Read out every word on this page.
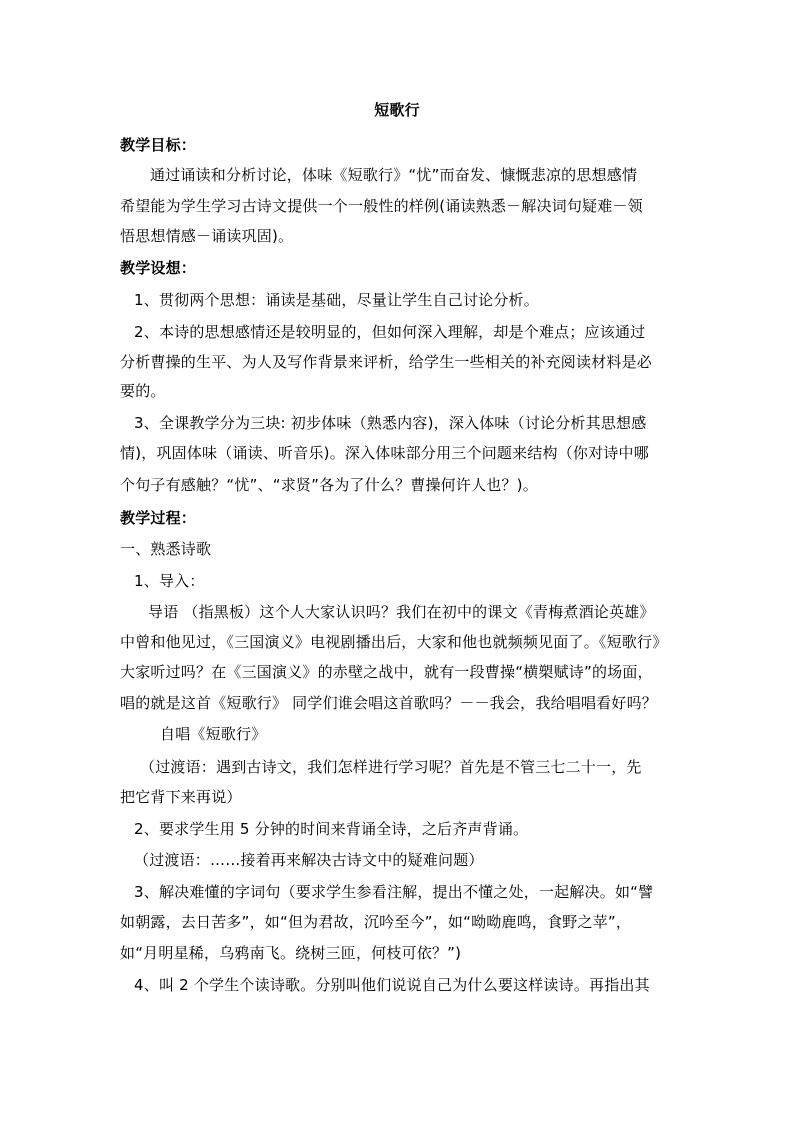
短歌行
教学目标：
通过诵读和分析讨论，体味《短歌行》“忧”而奋发、慷慨悲凉的思想感情
希望能为学生学习古诗文提供一个一般性的样例(诵读熟悉－解决词句疑难－领
悟思想情感－诵读巩固)。
教学设想：
1、贯彻两个思想：诵读是基础，尽量让学生自己讨论分析。
2、本诗的思想感情还是较明显的，但如何深入理解，却是个难点；应该通过
分析曹操的生平、为人及写作背景来评析，给学生一些相关的补充阅读材料是必
要的。
3、全课教学分为三块: 初步体味（熟悉内容)，深入体味（讨论分析其思想感
情)，巩固体味（诵读、听音乐)。深入体味部分用三个问题来结构（你对诗中哪
个句子有感触？“忧”、“求贤”各为了什么？曹操何许人也？)。
教学过程：
一、熟悉诗歌
1、导入：
导语 （指黑板）这个人大家认识吗？我们在初中的课文《青梅煮酒论英雄》
中曾和他见过，《三国演义》电视剧播出后，大家和他也就频频见面了。《短歌行》
大家听过吗？在《三国演义》的赤壁之战中，就有一段曹操“横槊赋诗”的场面，
唱的就是这首《短歌行》 同学们谁会唱这首歌吗？－－我会，我给唱唱看好吗？
自唱《短歌行》
（过渡语：遇到古诗文，我们怎样进行学习呢？首先是不管三七二十一，先
把它背下来再说）
2、要求学生用 5 分钟的时间来背诵全诗，之后齐声背诵。
（过渡语：……接着再来解决古诗文中的疑难问题）
3、解决难懂的字词句（要求学生参看注解，提出不懂之处，一起解决。如“譬
如朝露，去日苦多”，如“但为君故，沉吟至今”，如“呦呦鹿鸣，食野之苹”，
如“月明星稀，乌鸦南飞。绕树三匝，何枝可依？”)
4、叫 2 个学生个读诗歌。分别叫他们说说自己为什么要这样读诗。再指出其
